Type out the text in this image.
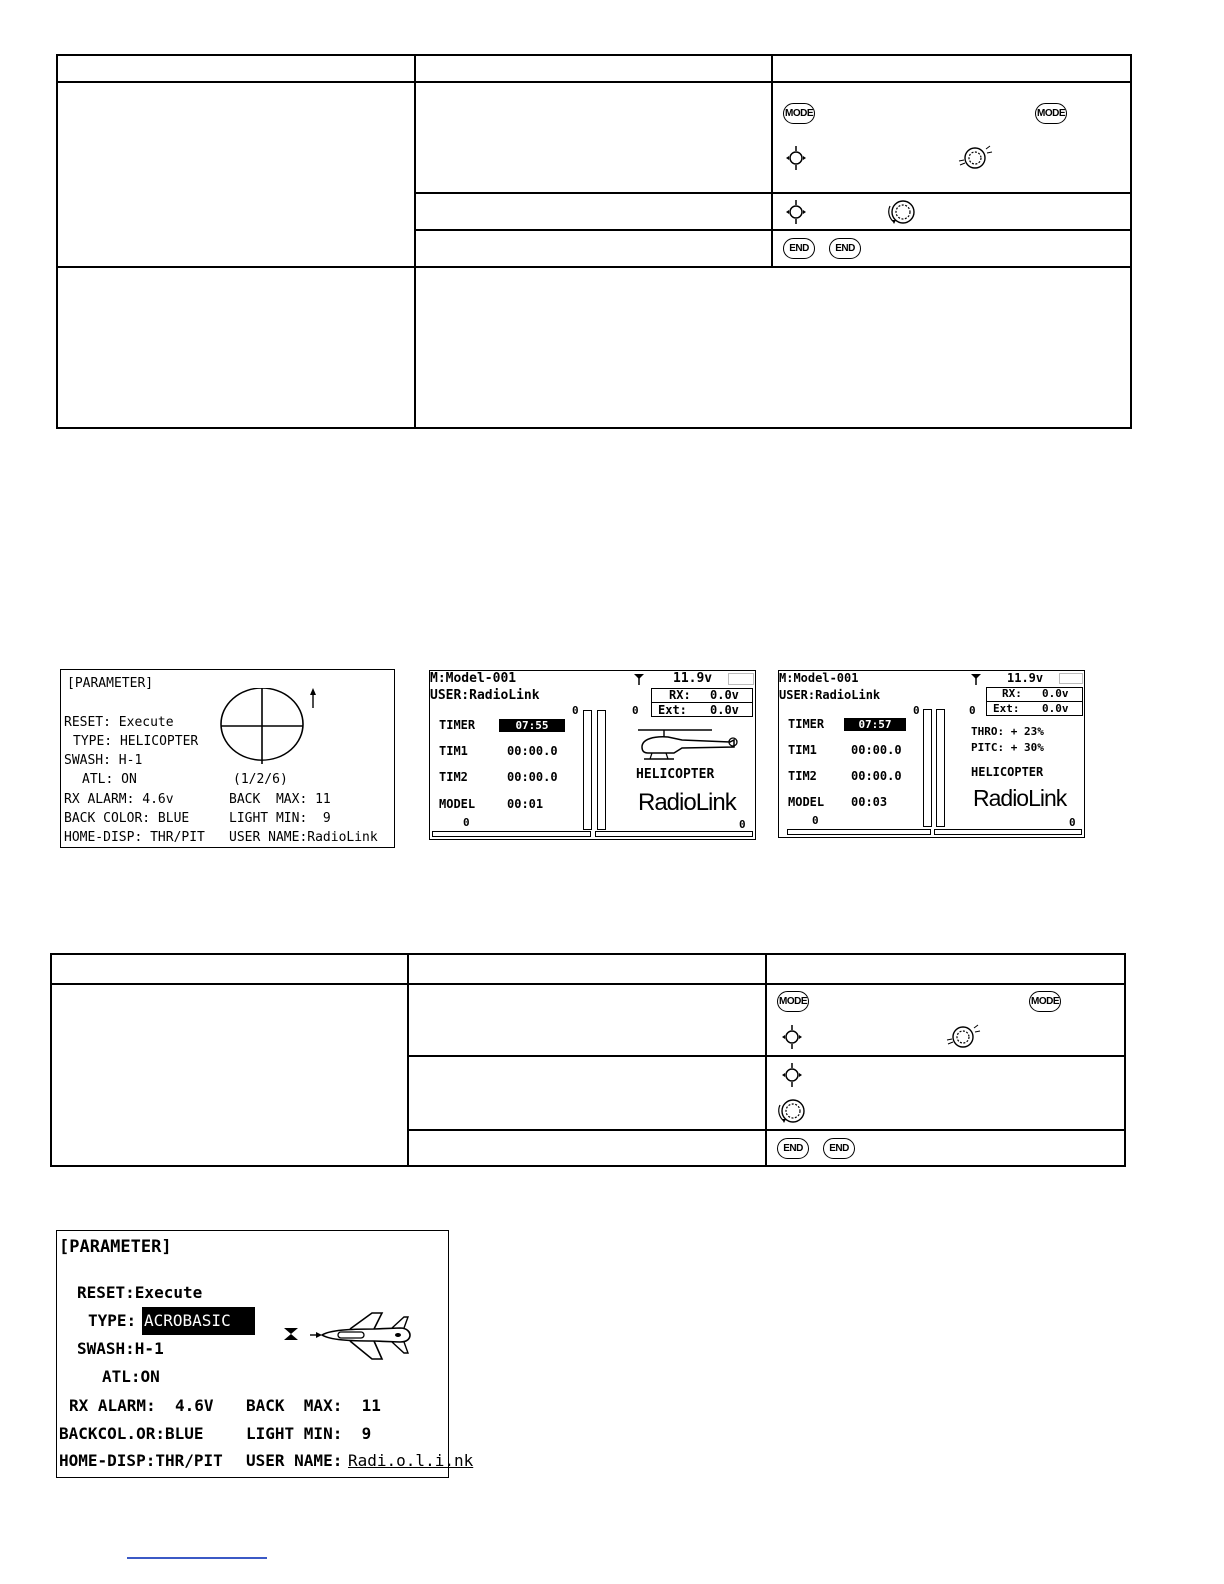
MODE MODE

END END

[PARAMETER]
RESET: Execute
TYPE: HELICOPTER
SWASH: H-1
ATL: ON	(1/2/6)
RX ALARM: 4.6v	BACK  MAX: 11
BACK COLOR: BLUE	LIGHT MIN:  9
HOME-DISP: THR/PIT USER NAME:RadioLink
M:Model-001	11.9v
USER:RadioLink	RX: 0.0v
Ext: 0.0v
0	0
TIMER	07:55
TIM1	00:00.0
TIM2	00:00.0
MODEL	00:01
HELICOPTER
RadioLink
0	0
M:Model-001	11.9v
USER:RadioLink	RX: 0.0v
Ext: 0.0v
0	0
TIMER	07:57
THRO: + 23%
PITC: + 30%
TIM1	00:00.0
TIM2	00:00.0	HELICOPTER
MODEL 00:03	RadioLink
0	0

MODE MODE

END END
[PARAMETER]
RESET:Execute
TYPE: ACROBASIC
SWASH:H-1
ATL:ON
RX ALARM:  4.6V BACK  MAX:  11
BACKCOL.OR:BLUE	LIGHT MIN:  9
HOME-DISP:THR/PIT USER NAME: Radi.o.l.i.nk
